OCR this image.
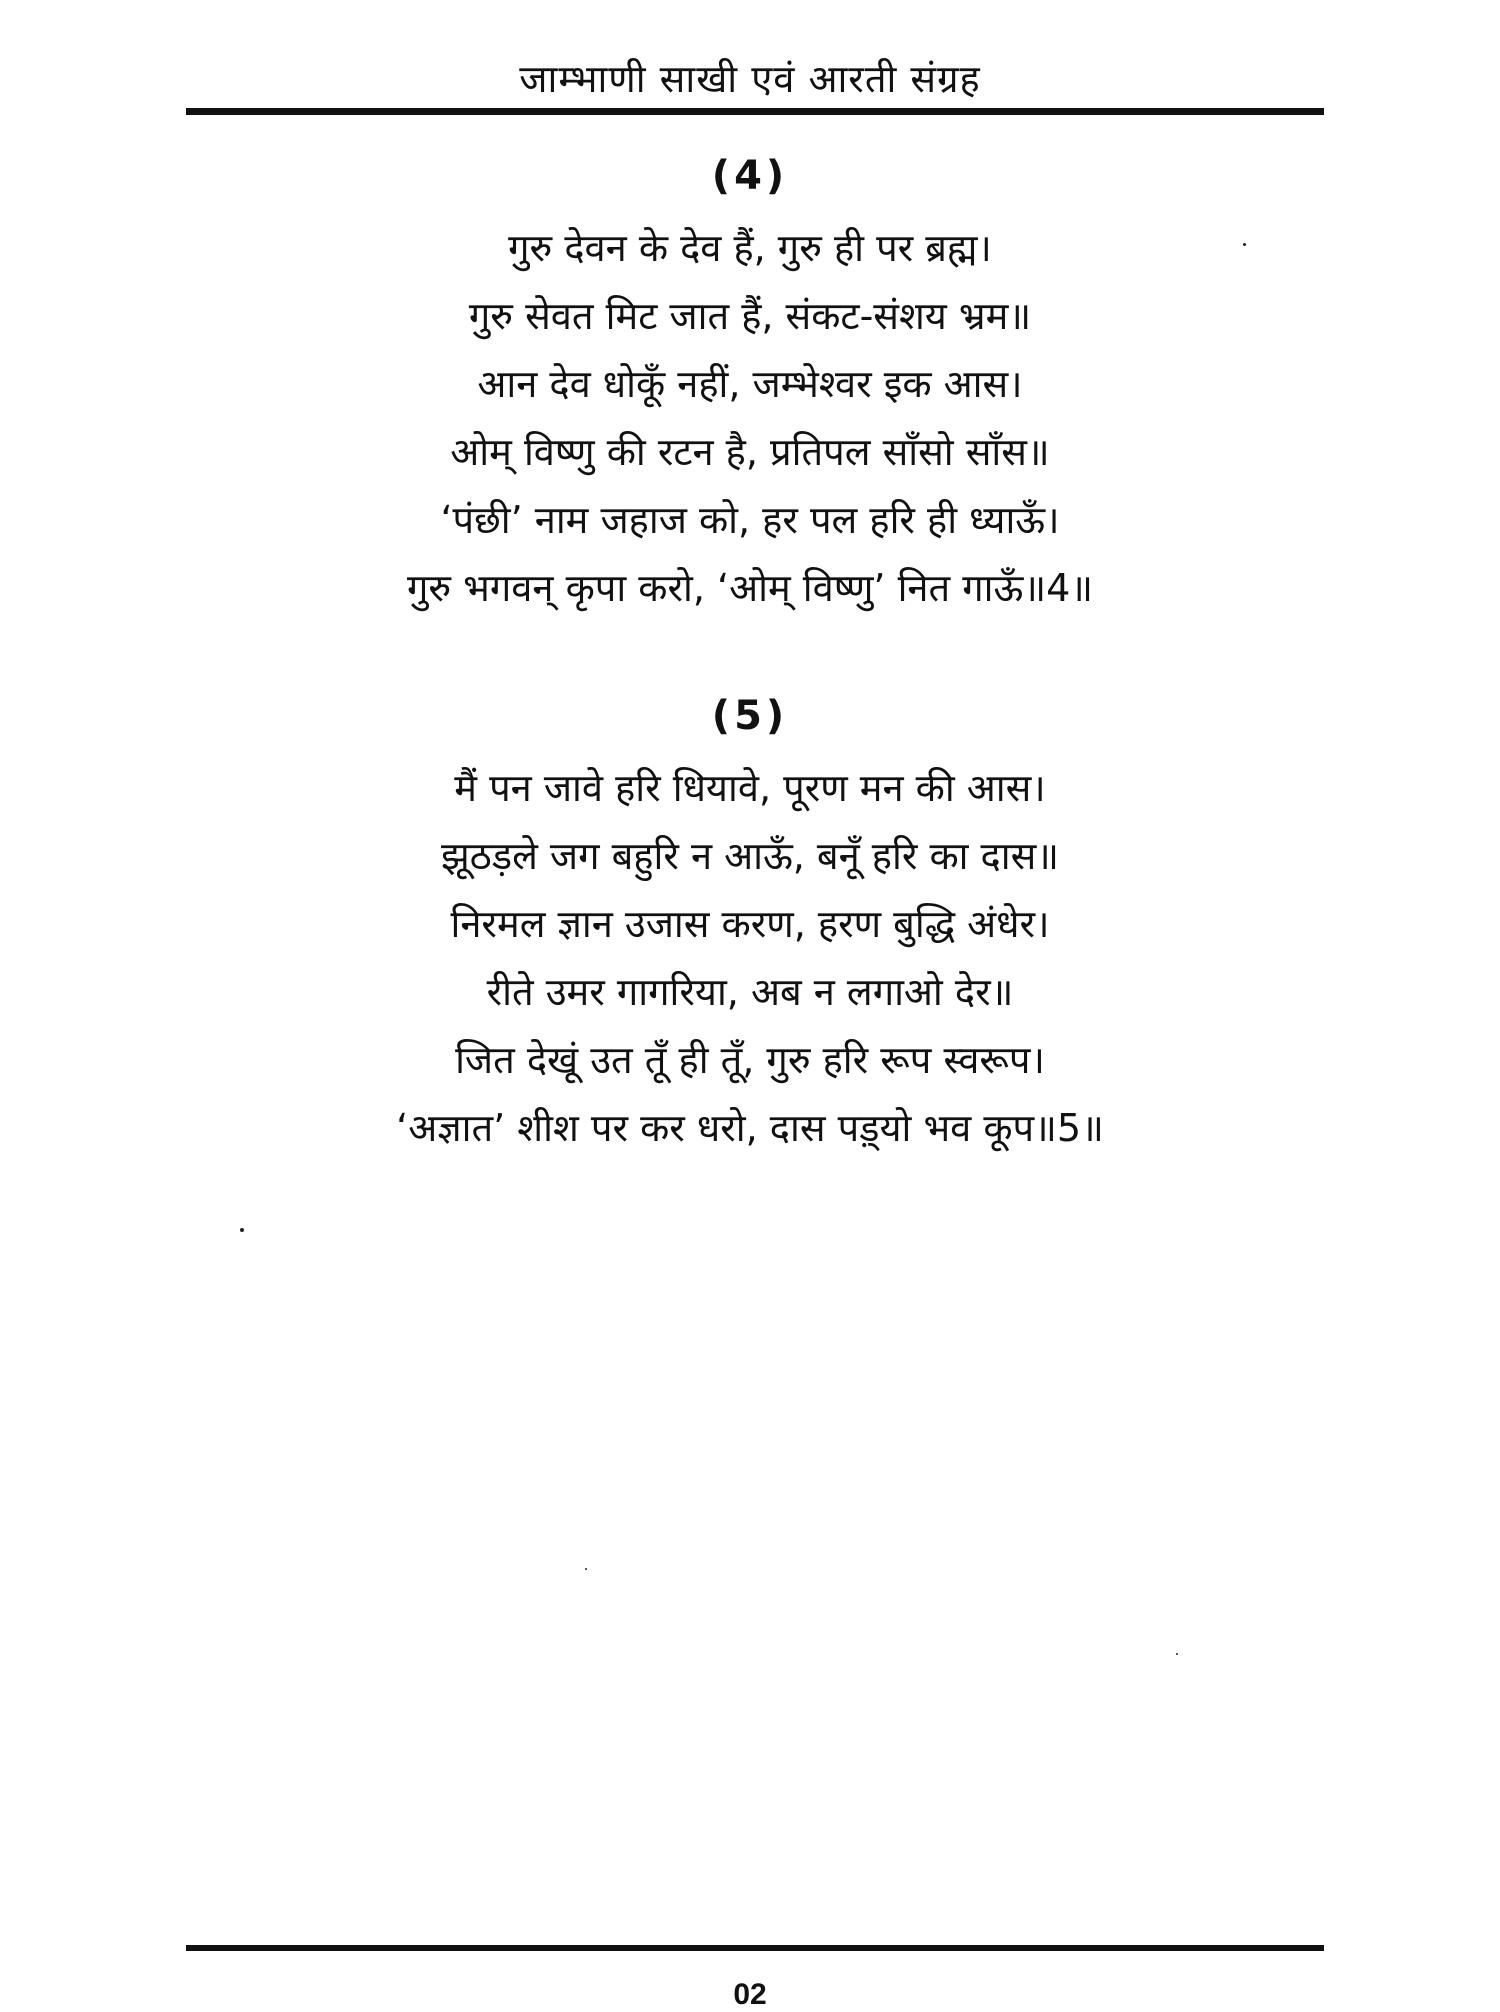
जाम्भाणी साखी एवं आरती संग्रह
(4)
गुरु देवन के देव हैं, गुरु ही पर ब्रह्म।
गुरु सेवत मिट जात हैं, संकट-संशय भ्रम॥
आन देव धोकूँ नहीं, जम्भेश्वर इक आस।
ओम् विष्णु की रटन है, प्रतिपल साँसो साँस॥
‘पंछी’ नाम जहाज को, हर पल हरि ही ध्याऊँ।
गुरु भगवन् कृपा करो, ‘ओम् विष्णु’ नित गाऊँ॥4॥
(5)
मैं पन जावे हरि धियावे, पूरण मन की आस।
झूठड़ले जग बहुरि न आऊँ, बनूँ हरि का दास॥
निरमल ज्ञान उजास करण, हरण बुद्धि अंधेर।
रीते उमर गागरिया, अब न लगाओ देर॥
जित देखूं उत तूँ ही तूँ, गुरु हरि रूप स्वरूप।
‘अज्ञात’ शीश पर कर धरो, दास पड़्यो भव कूप॥5॥
02
